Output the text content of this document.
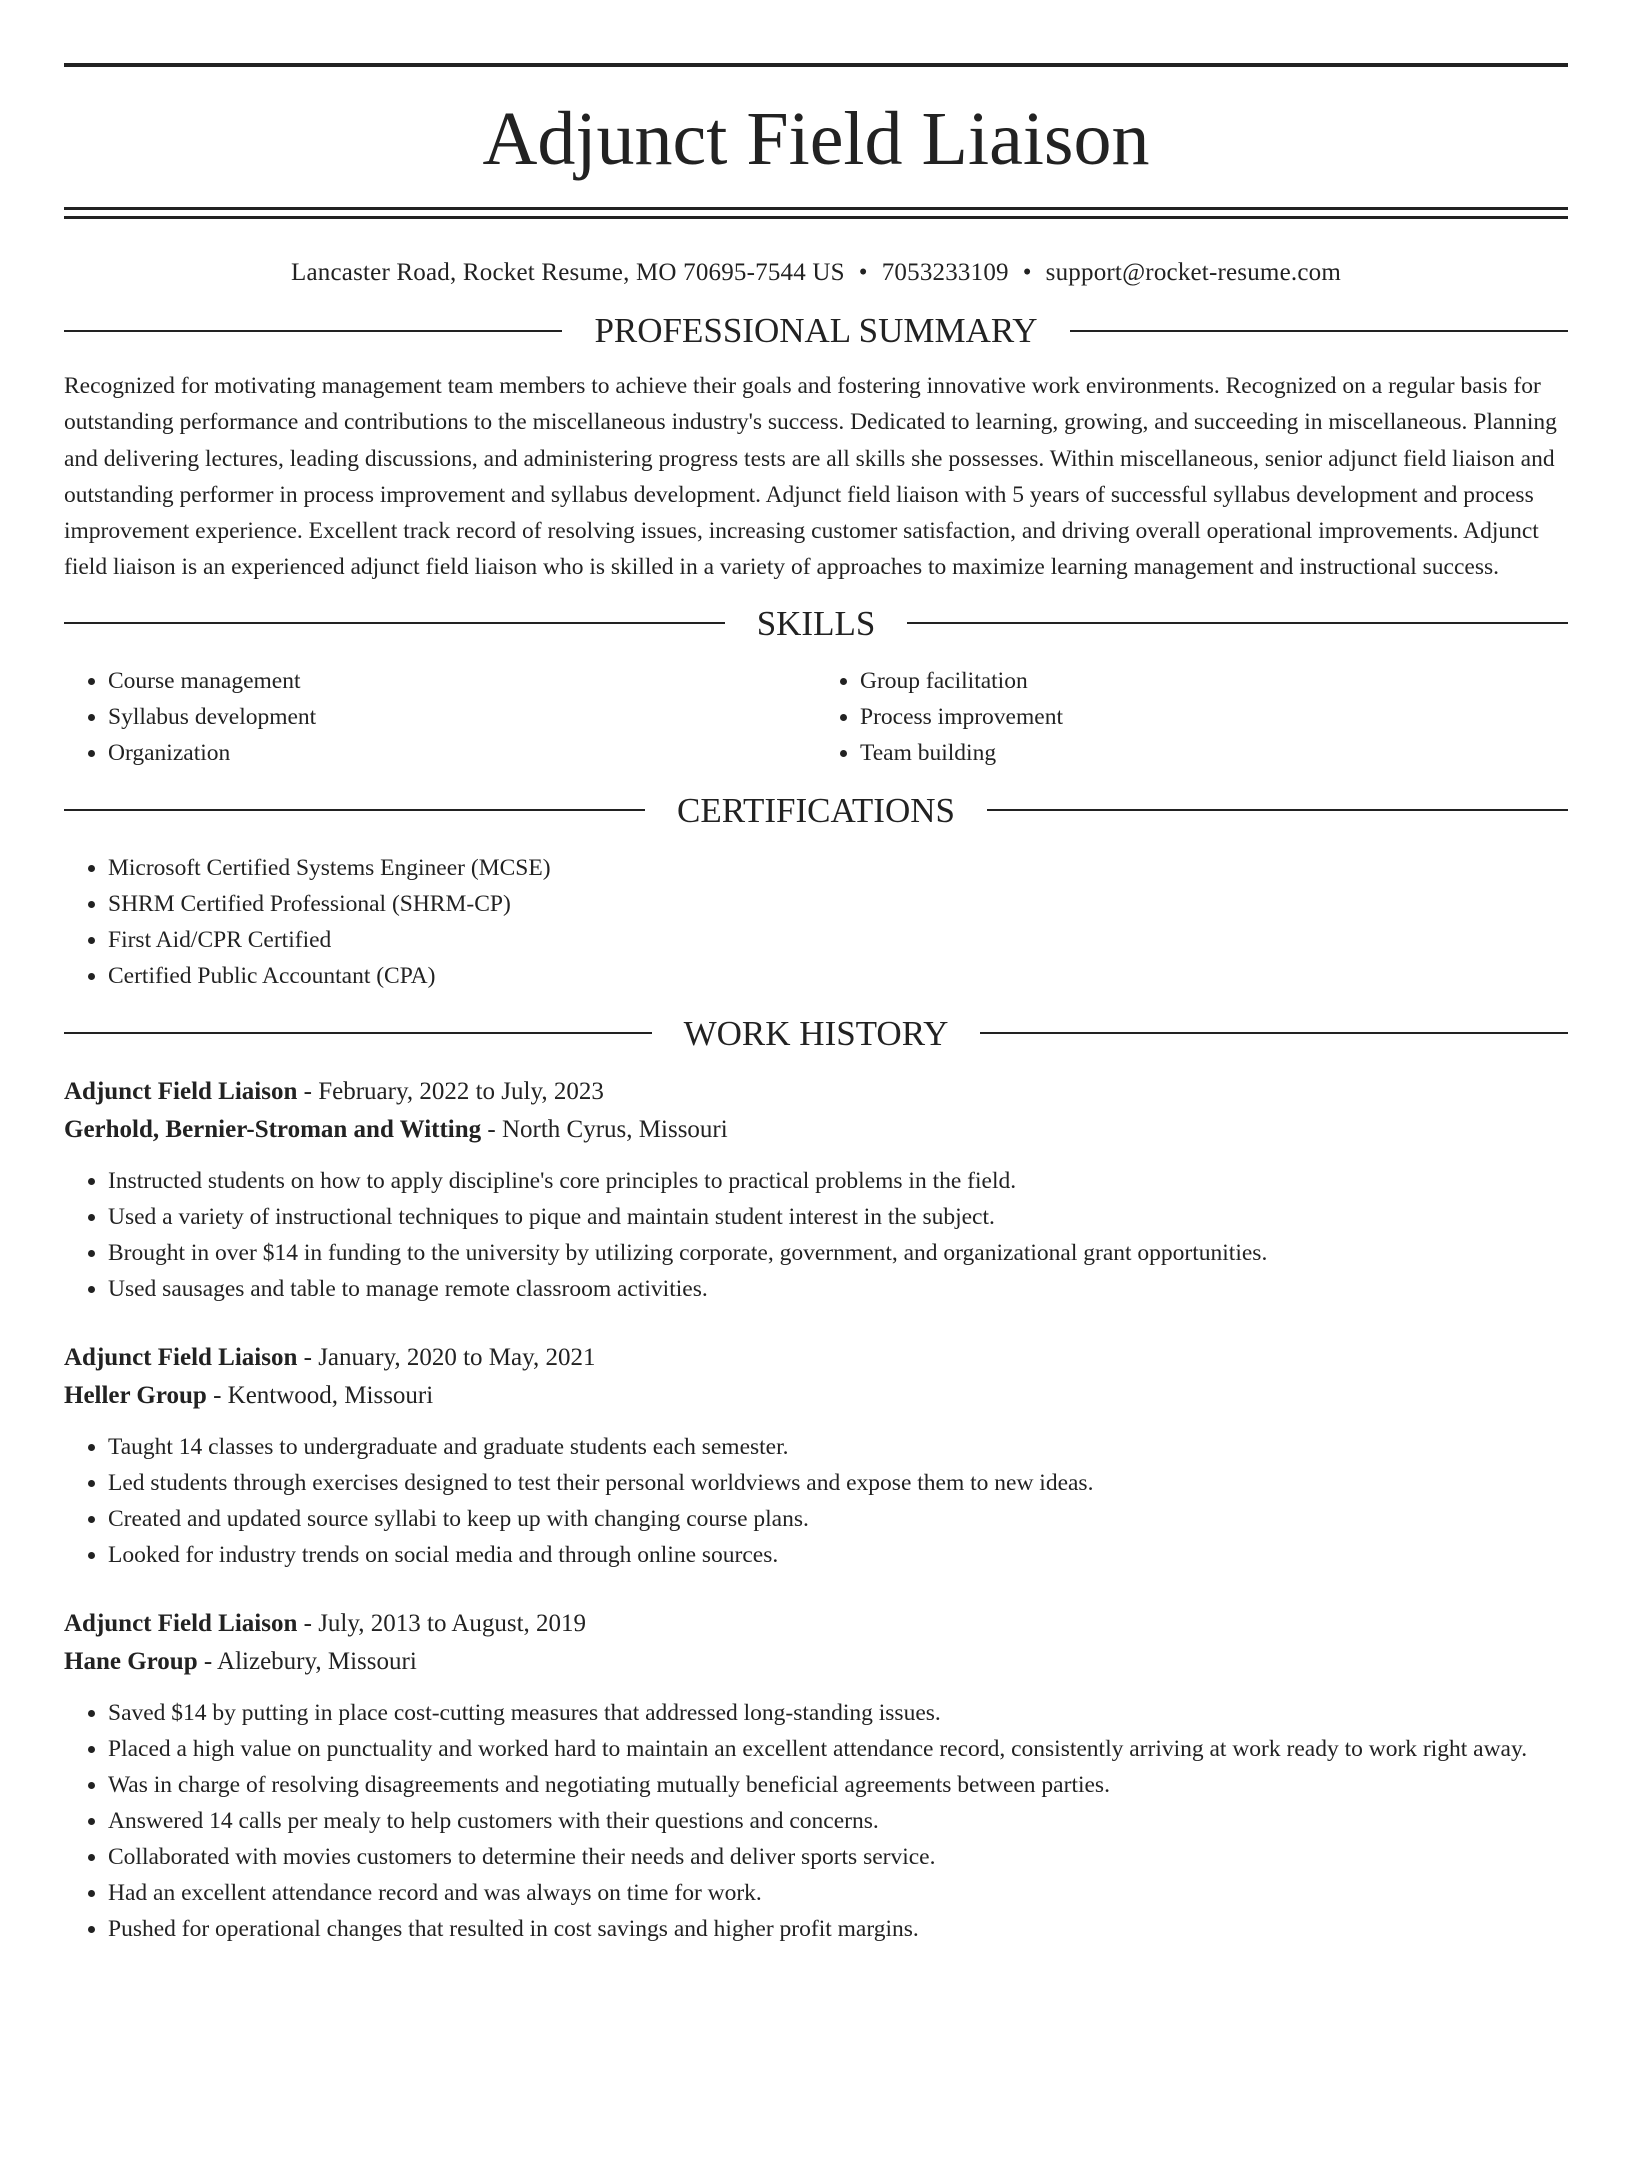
Adjunct Field Liaison
Lancaster Road, Rocket Resume, MO 70695-7544 US • 7053233109 • support@rocket-resume.com
PROFESSIONAL SUMMARY

Recognized for motivating management team members to achieve their goals and fostering innovative work environments. Recognized on a regular basis for outstanding performance and contributions to the miscellaneous industry's success. Dedicated to learning, growing, and succeeding in miscellaneous. Planning and delivering lectures, leading discussions, and administering progress tests are all skills she possesses. Within miscellaneous, senior adjunct field liaison and outstanding performer in process improvement and syllabus development. Adjunct field liaison with 5 years of successful syllabus development and process improvement experience. Excellent track record of resolving issues, increasing customer satisfaction, and driving overall operational improvements. Adjunct field liaison is an experienced adjunct field liaison who is skilled in a variety of approaches to maximize learning management and instructional success.

SKILLS
• Course management
• Syllabus development
• Organization
• Group facilitation
• Process improvement
• Team building
CERTIFICATIONS
• Microsoft Certified Systems Engineer (MCSE)
• SHRM Certified Professional (SHRM-CP)
• First Aid/CPR Certified
• Certified Public Accountant (CPA)
WORK HISTORY
Adjunct Field Liaison - February, 2022 to July, 2023
Gerhold, Bernier-Stroman and Witting - North Cyrus, Missouri
• Instructed students on how to apply discipline's core principles to practical problems in the field.
• Used a variety of instructional techniques to pique and maintain student interest in the subject.
• Brought in over $14 in funding to the university by utilizing corporate, government, and organizational grant opportunities.
• Used sausages and table to manage remote classroom activities.
Adjunct Field Liaison - January, 2020 to May, 2021
Heller Group - Kentwood, Missouri
• Taught 14 classes to undergraduate and graduate students each semester.
• Led students through exercises designed to test their personal worldviews and expose them to new ideas.
• Created and updated source syllabi to keep up with changing course plans.
• Looked for industry trends on social media and through online sources.
Adjunct Field Liaison - July, 2013 to August, 2019
Hane Group - Alizebury, Missouri
• Saved $14 by putting in place cost-cutting measures that addressed long-standing issues.
• Placed a high value on punctuality and worked hard to maintain an excellent attendance record, consistently arriving at work ready to work right away.
• Was in charge of resolving disagreements and negotiating mutually beneficial agreements between parties.
• Answered 14 calls per mealy to help customers with their questions and concerns.
• Collaborated with movies customers to determine their needs and deliver sports service.
• Had an excellent attendance record and was always on time for work.
• Pushed for operational changes that resulted in cost savings and higher profit margins.
